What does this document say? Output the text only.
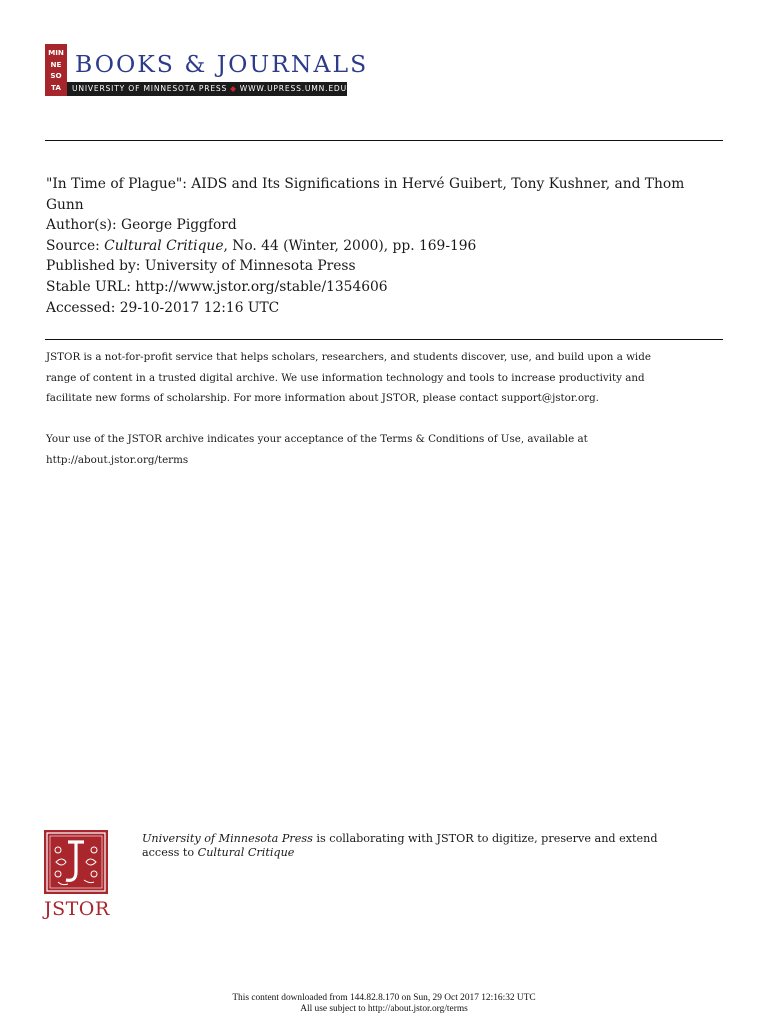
MIN
NE
SO
TA
BOOKS & JOURNALS
UNIVERSITY OF MINNESOTA PRESS ◆ WWW.UPRESS.UMN.EDU

"In Time of Plague": AIDS and Its Significations in Hervé Guibert, Tony Kushner, and Thom Gunn

Author(s): George Piggford

Source: Cultural Critique, No. 44 (Winter, 2000), pp. 169-196

Published by: University of Minnesota Press

Stable URL: http://www.jstor.org/stable/1354606

Accessed: 29-10-2017 12:16 UTC

JSTOR is a not-for-profit service that helps scholars, researchers, and students discover, use, and build upon a wide

range of content in a trusted digital archive. We use information technology and tools to increase productivity and

facilitate new forms of scholarship. For more information about JSTOR, please contact support@jstor.org.

Your use of the JSTOR archive indicates your acceptance of the Terms & Conditions of Use, available at

http://about.jstor.org/terms

JSTOR
University of Minnesota Press is collaborating with JSTOR to digitize, preserve and extend
access to Cultural Critique

This content downloaded from 144.82.8.170 on Sun, 29 Oct 2017 12:16:32 UTC

All use subject to http://about.jstor.org/terms
